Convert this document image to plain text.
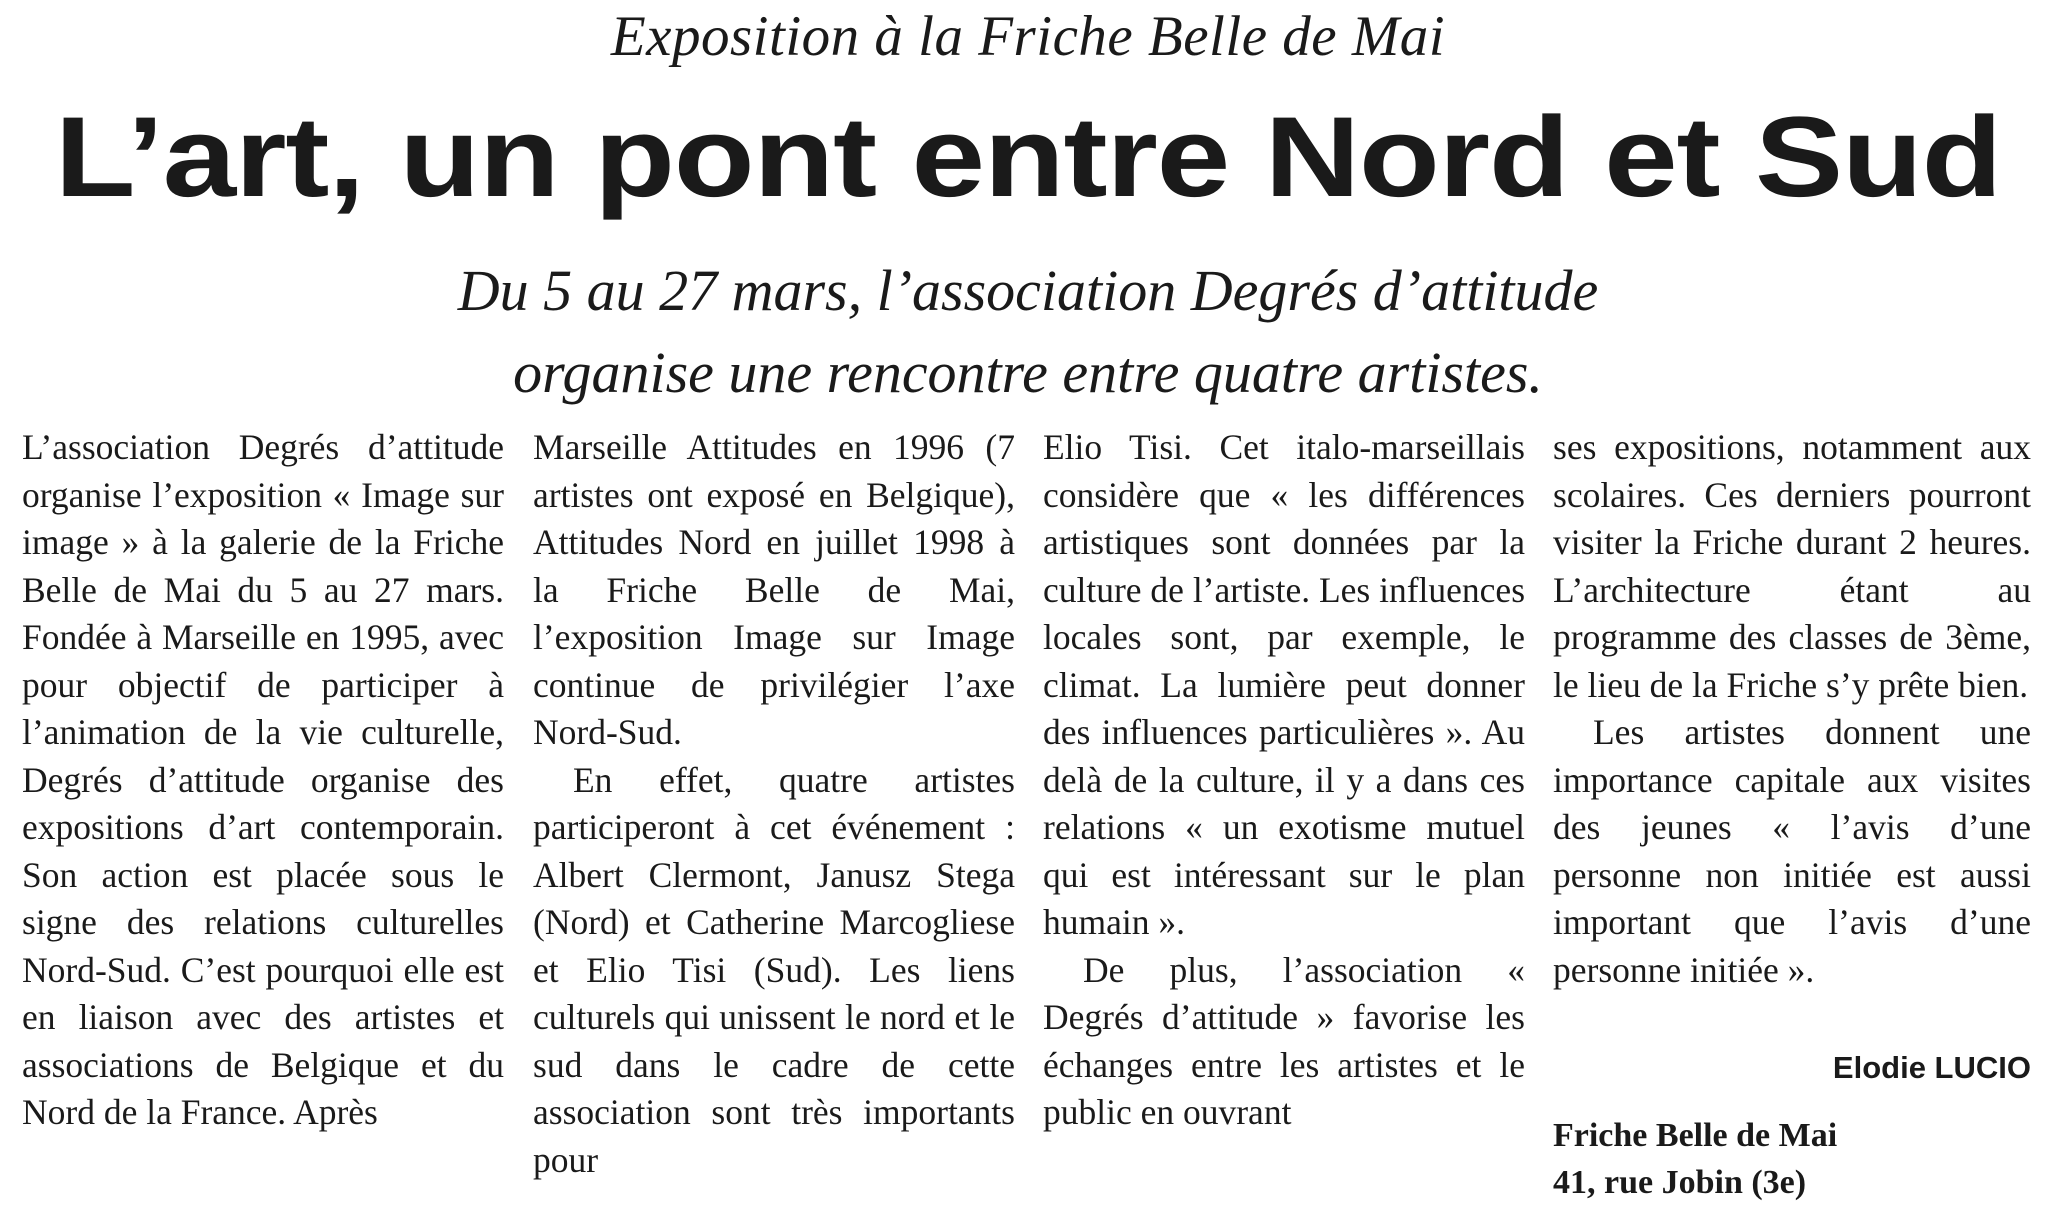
Exposition à la Friche Belle de Mai
L’art, un pont entre Nord et Sud
Du 5 au 27 mars, l’association Degrés d’attitude
organise une rencontre entre quatre artistes.

L’association Degrés d’attitude organise l’exposition « Image sur image » à la galerie de la Friche Belle de Mai du 5 au 27 mars. Fondée à Marseille en 1995, avec pour objectif de participer à l’animation de la vie culturelle, Degrés d’attitude organise des expositions d’art contemporain. Son action est placée sous le signe des relations culturelles Nord-Sud. C’est pourquoi elle est en liaison avec des artistes et associations de Belgique et du Nord de la France. Après

Marseille Attitudes en 1996 (7 artistes ont exposé en Belgique), Attitudes Nord en juillet 1998 à la Friche Belle de Mai, l’exposition Image sur Image continue de privilégier l’axe Nord-Sud.

En effet, quatre artistes participeront à cet événement : Albert Clermont, Janusz Stega (Nord) et Catherine Marcogliese et Elio Tisi (Sud). Les liens culturels qui unissent le nord et le sud dans le cadre de cette association sont très importants pour

Elio Tisi. Cet italo-marseillais considère que « les différences artistiques sont données par la culture de l’artiste. Les influences locales sont, par exemple, le climat. La lumière peut donner des influences particulières ». Au delà de la culture, il y a dans ces relations « un exotisme mutuel qui est intéressant sur le plan humain ».

De plus, l’association « Degrés d’attitude » favorise les échanges entre les artistes et le public en ouvrant

ses expositions, notamment aux scolaires. Ces derniers pourront visiter la Friche durant 2 heures. L’architecture étant au programme des classes de 3ème, le lieu de la Friche s’y prête bien.

Les artistes donnent une importance capitale aux visites des jeunes « l’avis d’une personne non initiée est aussi important que l’avis d’une personne initiée ».

Elodie LUCIO
Friche Belle de Mai
41, rue Jobin (3e)
